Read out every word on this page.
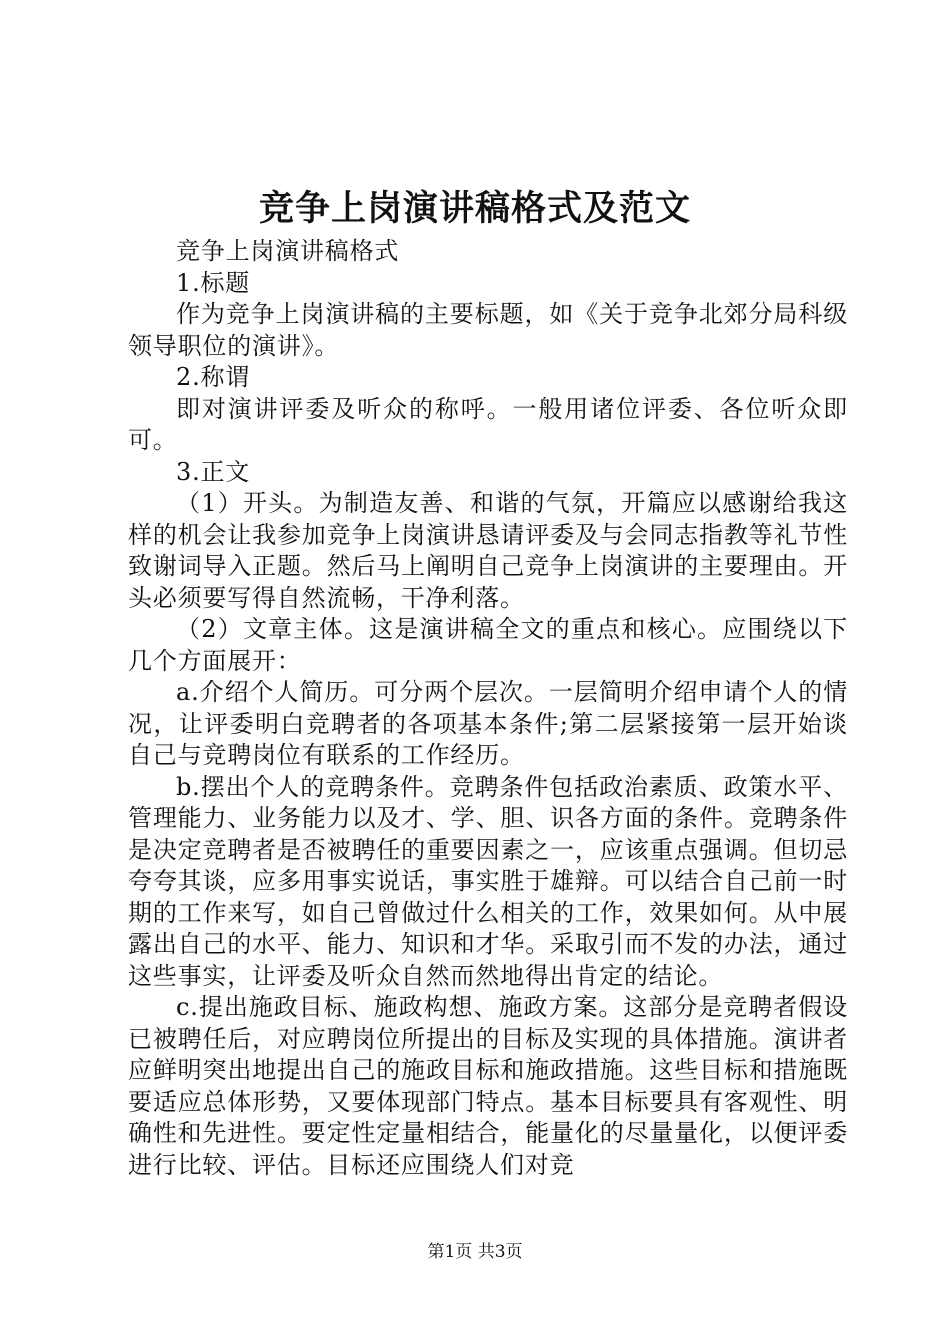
竞争上岗演讲稿格式及范文

竞争上岗演讲稿格式

1.标题

作为竞争上岗演讲稿的主要标题，如《关于竞争北郊分局科级领导职位的演讲》。

2.称谓

即对演讲评委及听众的称呼。一般用诸位评委、各位听众即可。

3.正文

（1）开头。为制造友善、和谐的气氛，开篇应以感谢给我这样的机会让我参加竞争上岗演讲恳请评委及与会同志指教等礼节性致谢词导入正题。然后马上阐明自己竞争上岗演讲的主要理由。开头必须要写得自然流畅，干净利落。

（2）文章主体。这是演讲稿全文的重点和核心。应围绕以下几个方面展开：

a.介绍个人简历。可分两个层次。一层简明介绍申请个人的情况，让评委明白竞聘者的各项基本条件;第二层紧接第一层开始谈自己与竞聘岗位有联系的工作经历。

b.摆出个人的竞聘条件。竞聘条件包括政治素质、政策水平、管理能力、业务能力以及才、学、胆、识各方面的条件。竞聘条件是决定竞聘者是否被聘任的重要因素之一，应该重点强调。但切忌夸夸其谈，应多用事实说话，事实胜于雄辩。可以结合自己前一时期的工作来写，如自己曾做过什么相关的工作，效果如何。从中展露出自己的水平、能力、知识和才华。采取引而不发的办法，通过这些事实，让评委及听众自然而然地得出肯定的结论。

c.提出施政目标、施政构想、施政方案。这部分是竞聘者假设已被聘任后，对应聘岗位所提出的目标及实现的具体措施。演讲者应鲜明突出地提出自己的施政目标和施政措施。这些目标和措施既要适应总体形势，又要体现部门特点。基本目标要具有客观性、明确性和先进性。要定性定量相结合，能量化的尽量量化，以便评委进行比较、评估。目标还应围绕人们对竞

第1页 共3页
